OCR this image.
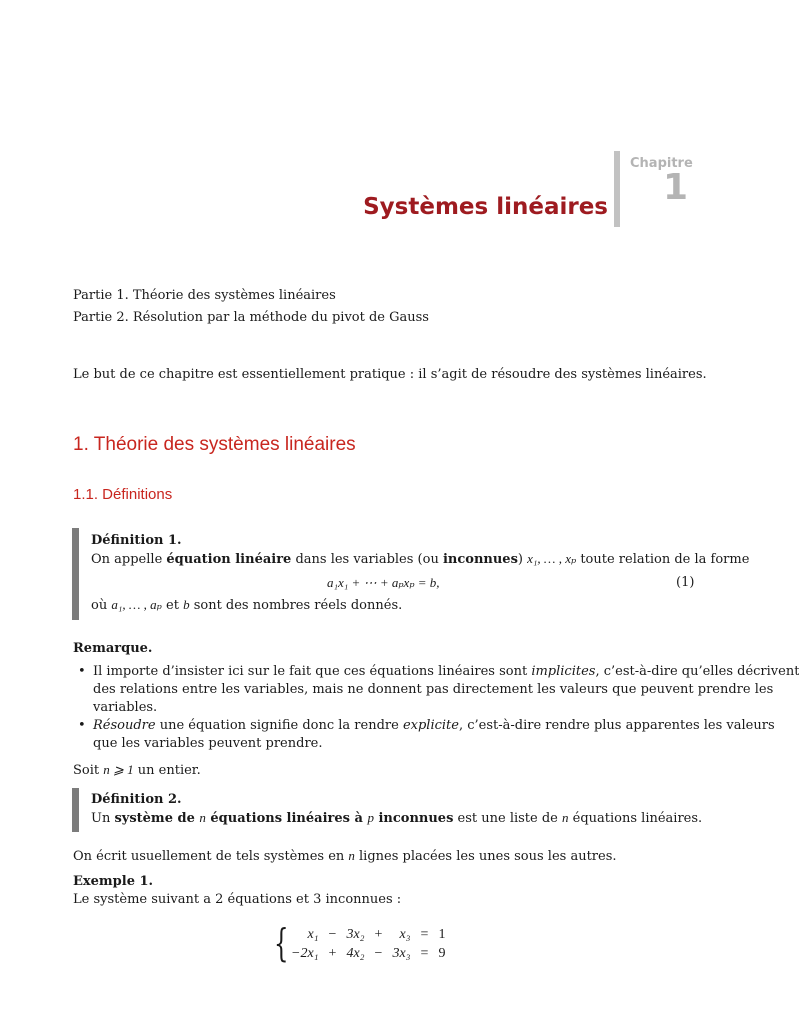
Chapitre
1
Systèmes linéaires
Partie 1. Théorie des systèmes linéaires
Partie 2. Résolution par la méthode du pivot de Gauss
Le but de ce chapitre est essentiellement pratique : il s’agit de résoudre des systèmes linéaires.
1. Théorie des systèmes linéaires
1.1. Définitions
Définition 1.
On appelle équation linéaire dans les variables (ou inconnues) x₁, … , xₚ toute relation de la forme
a₁x₁ + ⋯ + aₚxₚ = b,	(1)
où a₁, … , aₚ et b sont des nombres réels donnés.
Remarque.
• Il importe d’insister ici sur le fait que ces équations linéaires sont implicites, c’est-à-dire qu’elles décrivent
des relations entre les variables, mais ne donnent pas directement les valeurs que peuvent prendre les
variables.
• Résoudre une équation signifie donc la rendre explicite, c’est-à-dire rendre plus apparentes les valeurs
que les variables peuvent prendre.
Soit n ⩾ 1 un entier.
Définition 2.
Un système de n équations linéaires à p inconnues est une liste de n équations linéaires.
On écrit usuellement de tels systèmes en n lignes placées les unes sous les autres.
Exemple 1.
Le système suivant a 2 équations et 3 inconnues :
{ x₁	−	3x₂	+	x₃	=	1
−2x₁	+	4x₂	−	3x₃	=	9
